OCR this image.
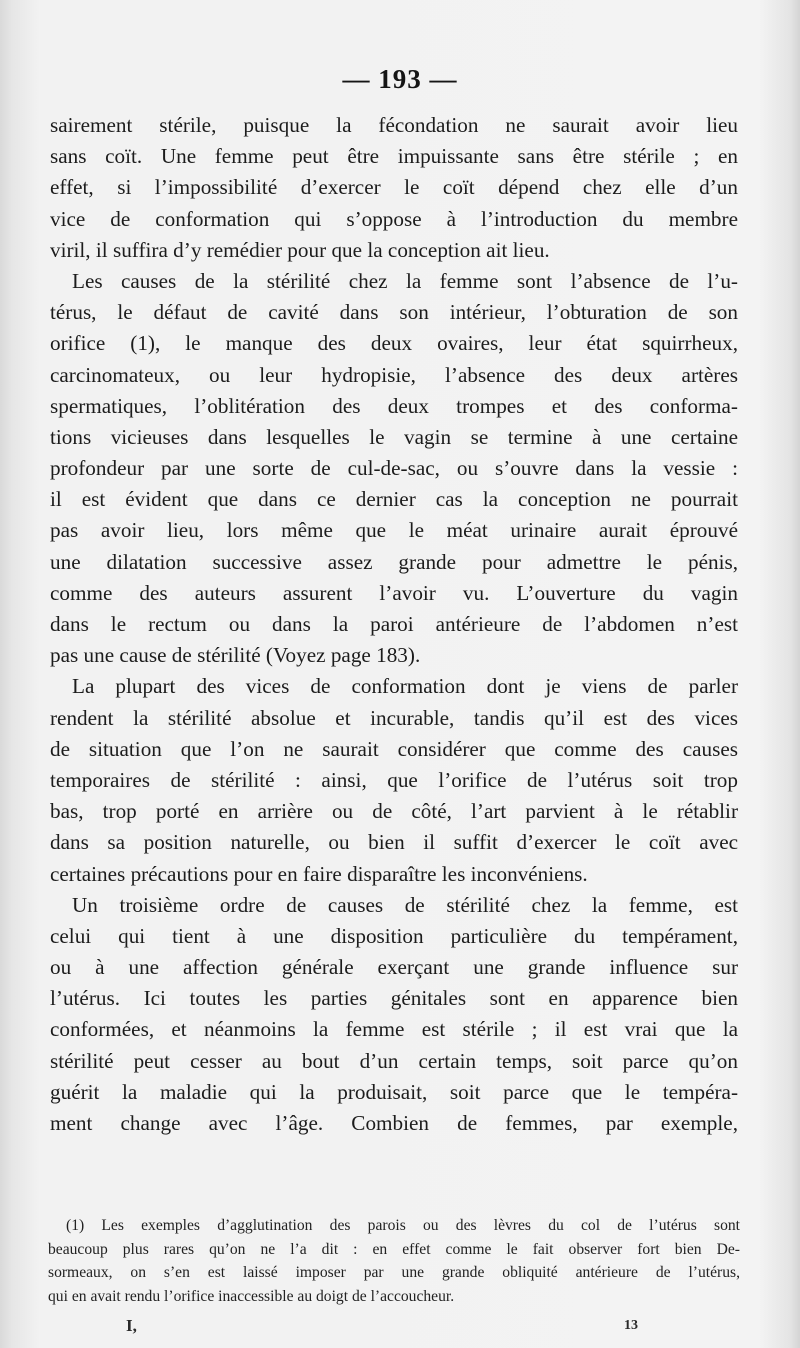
— 193 —
sairement stérile, puisque la fécondation ne saurait avoir lieu
sans coït. Une femme peut être impuissante sans être stérile ; en
effet, si l’impossibilité d’exercer le coït dépend chez elle d’un
vice de conformation qui s’oppose à l’introduction du membre
viril, il suffira d’y remédier pour que la conception ait lieu.
Les causes de la stérilité chez la femme sont l’absence de l’u-
térus, le défaut de cavité dans son intérieur, l’obturation de son
orifice (1), le manque des deux ovaires, leur état squirrheux,
carcinomateux, ou leur hydropisie, l’absence des deux artères
spermatiques, l’oblitération des deux trompes et des conforma-
tions vicieuses dans lesquelles le vagin se termine à une certaine
profondeur par une sorte de cul-de-sac, ou s’ouvre dans la vessie :
il est évident que dans ce dernier cas la conception ne pourrait
pas avoir lieu, lors même que le méat urinaire aurait éprouvé
une dilatation successive assez grande pour admettre le pénis,
comme des auteurs assurent l’avoir vu. L’ouverture du vagin
dans le rectum ou dans la paroi antérieure de l’abdomen n’est
pas une cause de stérilité (Voyez page 183).
La plupart des vices de conformation dont je viens de parler
rendent la stérilité absolue et incurable, tandis qu’il est des vices
de situation que l’on ne saurait considérer que comme des causes
temporaires de stérilité : ainsi, que l’orifice de l’utérus soit trop
bas, trop porté en arrière ou de côté, l’art parvient à le rétablir
dans sa position naturelle, ou bien il suffit d’exercer le coït avec
certaines précautions pour en faire disparaître les inconvéniens.
Un troisième ordre de causes de stérilité chez la femme, est
celui qui tient à une disposition particulière du tempérament,
ou à une affection générale exerçant une grande influence sur
l’utérus. Ici toutes les parties génitales sont en apparence bien
conformées, et néanmoins la femme est stérile ; il est vrai que la
stérilité peut cesser au bout d’un certain temps, soit parce qu’on
guérit la maladie qui la produisait, soit parce que le tempéra-
ment change avec l’âge. Combien de femmes, par exemple,
(1) Les exemples d’agglutination des parois ou des lèvres du col de l’utérus sont
beaucoup plus rares qu’on ne l’a dit : en effet comme le fait observer fort bien De-
sormeaux, on s’en est laissé imposer par une grande obliquité antérieure de l’utérus,
qui en avait rendu l’orifice inaccessible au doigt de l’accoucheur.
I,	13
